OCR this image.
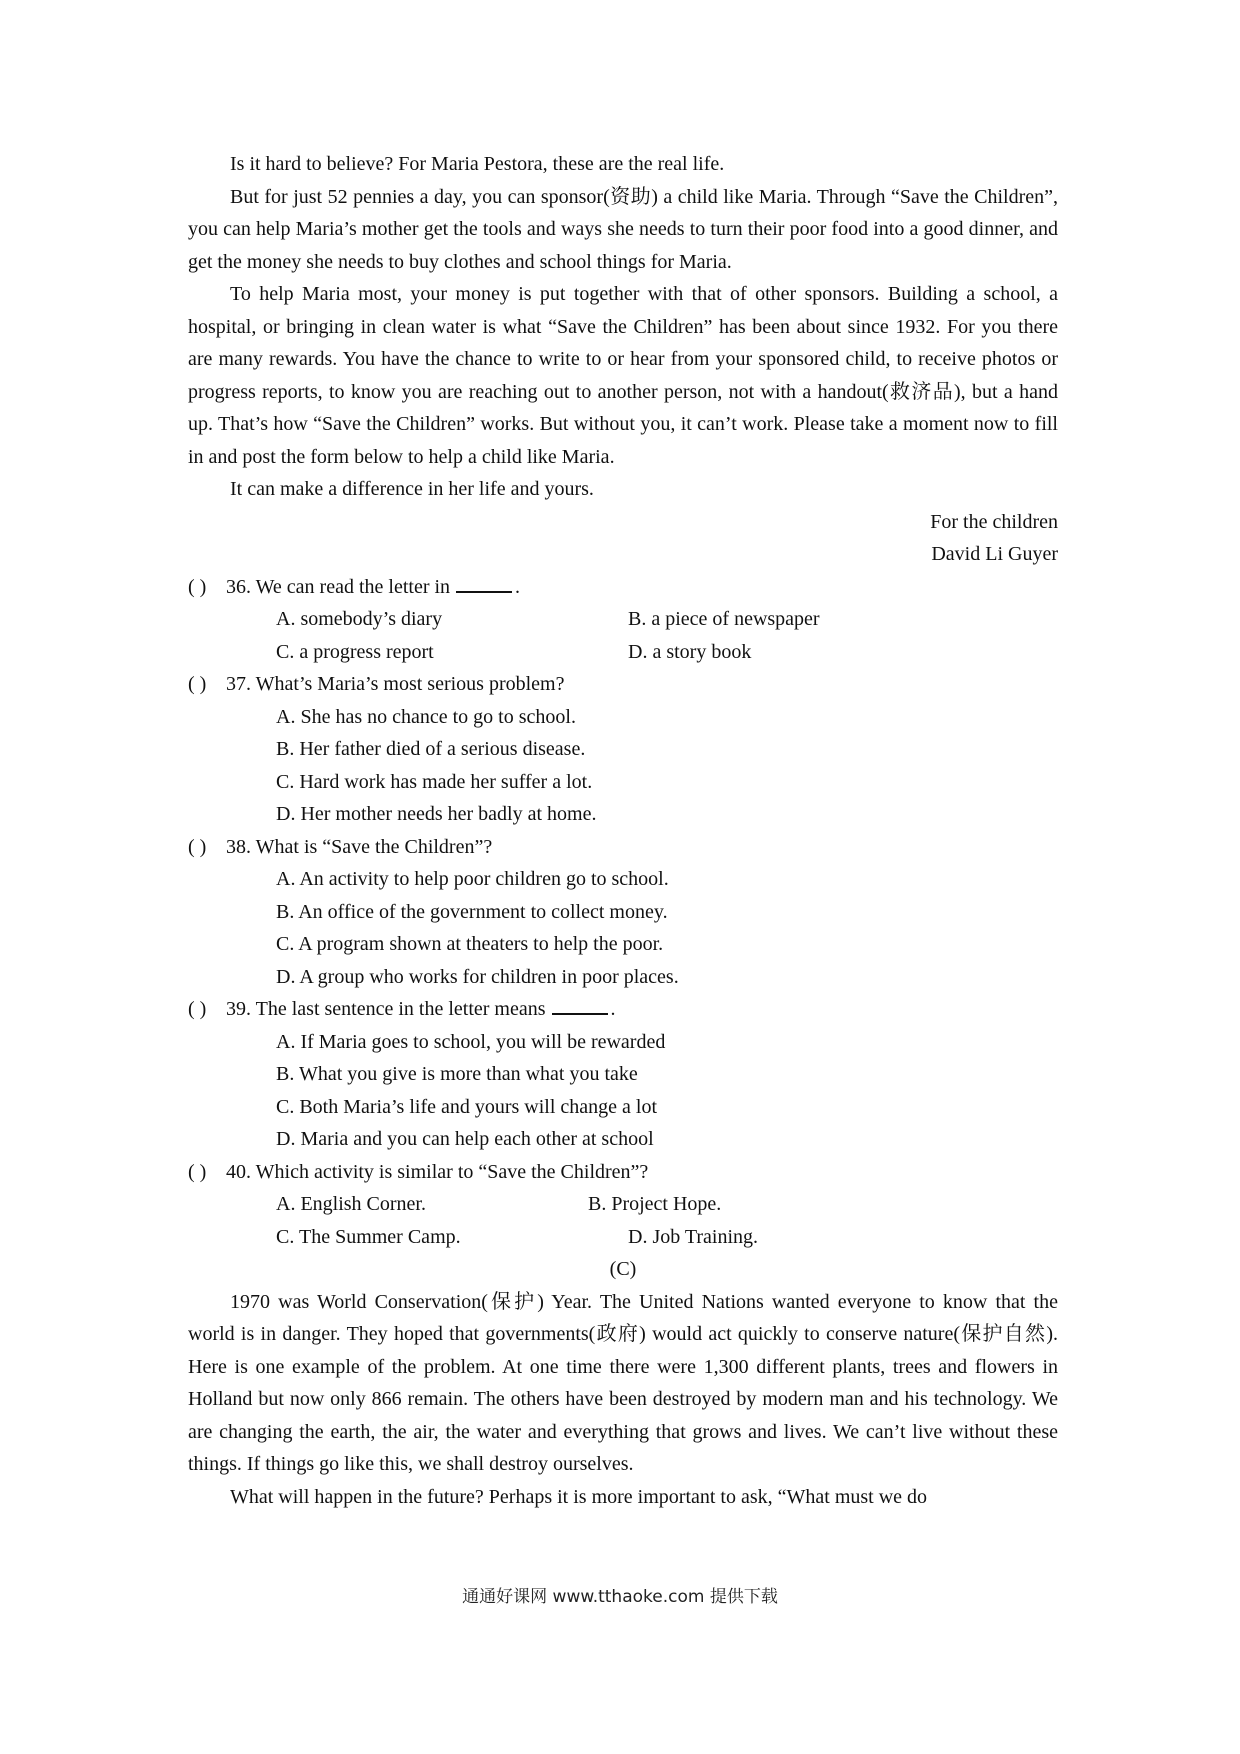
Is it hard to believe? For Maria Pestora, these are the real life.

But for just 52 pennies a day, you can sponsor(资助) a child like Maria. Through “Save the Children”, you can help Maria’s mother get the tools and ways she needs to turn their poor food into a good dinner, and get the money she needs to buy clothes and school things for Maria.

To help Maria most, your money is put together with that of other sponsors. Building a school, a hospital, or bringing in clean water is what “Save the Children” has been about since 1932. For you there are many rewards. You have the chance to write to or hear from your sponsored child, to receive photos or progress reports, to know you are reaching out to another person, not with a handout(救济品), but a hand up. That’s how “Save the Children” works. But without you, it can’t work. Please take a moment now to fill in and post the form below to help a child like Maria.

It can make a difference in her life and yours.

For the children

David Li Guyer

( ) 36. We can read the letter in	.

A. somebody’s diary	B. a piece of newspaper
C. a progress report	D. a story book

( ) 37. What’s Maria’s most serious problem?

A. She has no chance to go to school.
B. Her father died of a serious disease.
C. Hard work has made her suffer a lot.
D. Her mother needs her badly at home.

( ) 38. What is “Save the Children”?

A. An activity to help poor children go to school.
B. An office of the government to collect money.
C. A program shown at theaters to help the poor.
D. A group who works for children in poor places.

( ) 39. The last sentence in the letter means	.

A. If Maria goes to school, you will be rewarded
B. What you give is more than what you take
C. Both Maria’s life and yours will change a lot
D. Maria and you can help each other at school

( ) 40. Which activity is similar to “Save the Children”?

A. English Corner.	B. Project Hope.
C. The Summer Camp.	D. Job Training.

(C)

1970 was World Conservation(保护) Year. The United Nations wanted everyone to know that the world is in danger. They hoped that governments(政府) would act quickly to conserve nature(保护自然). Here is one example of the problem. At one time there were 1,300 different plants, trees and flowers in Holland but now only 866 remain. The others have been destroyed by modern man and his technology. We are changing the earth, the air, the water and everything that grows and lives. We can’t live without these things. If things go like this, we shall destroy ourselves.

What will happen in the future? Perhaps it is more important to ask, “What must we do

通通好课网 www.tthaoke.com 提供下载
